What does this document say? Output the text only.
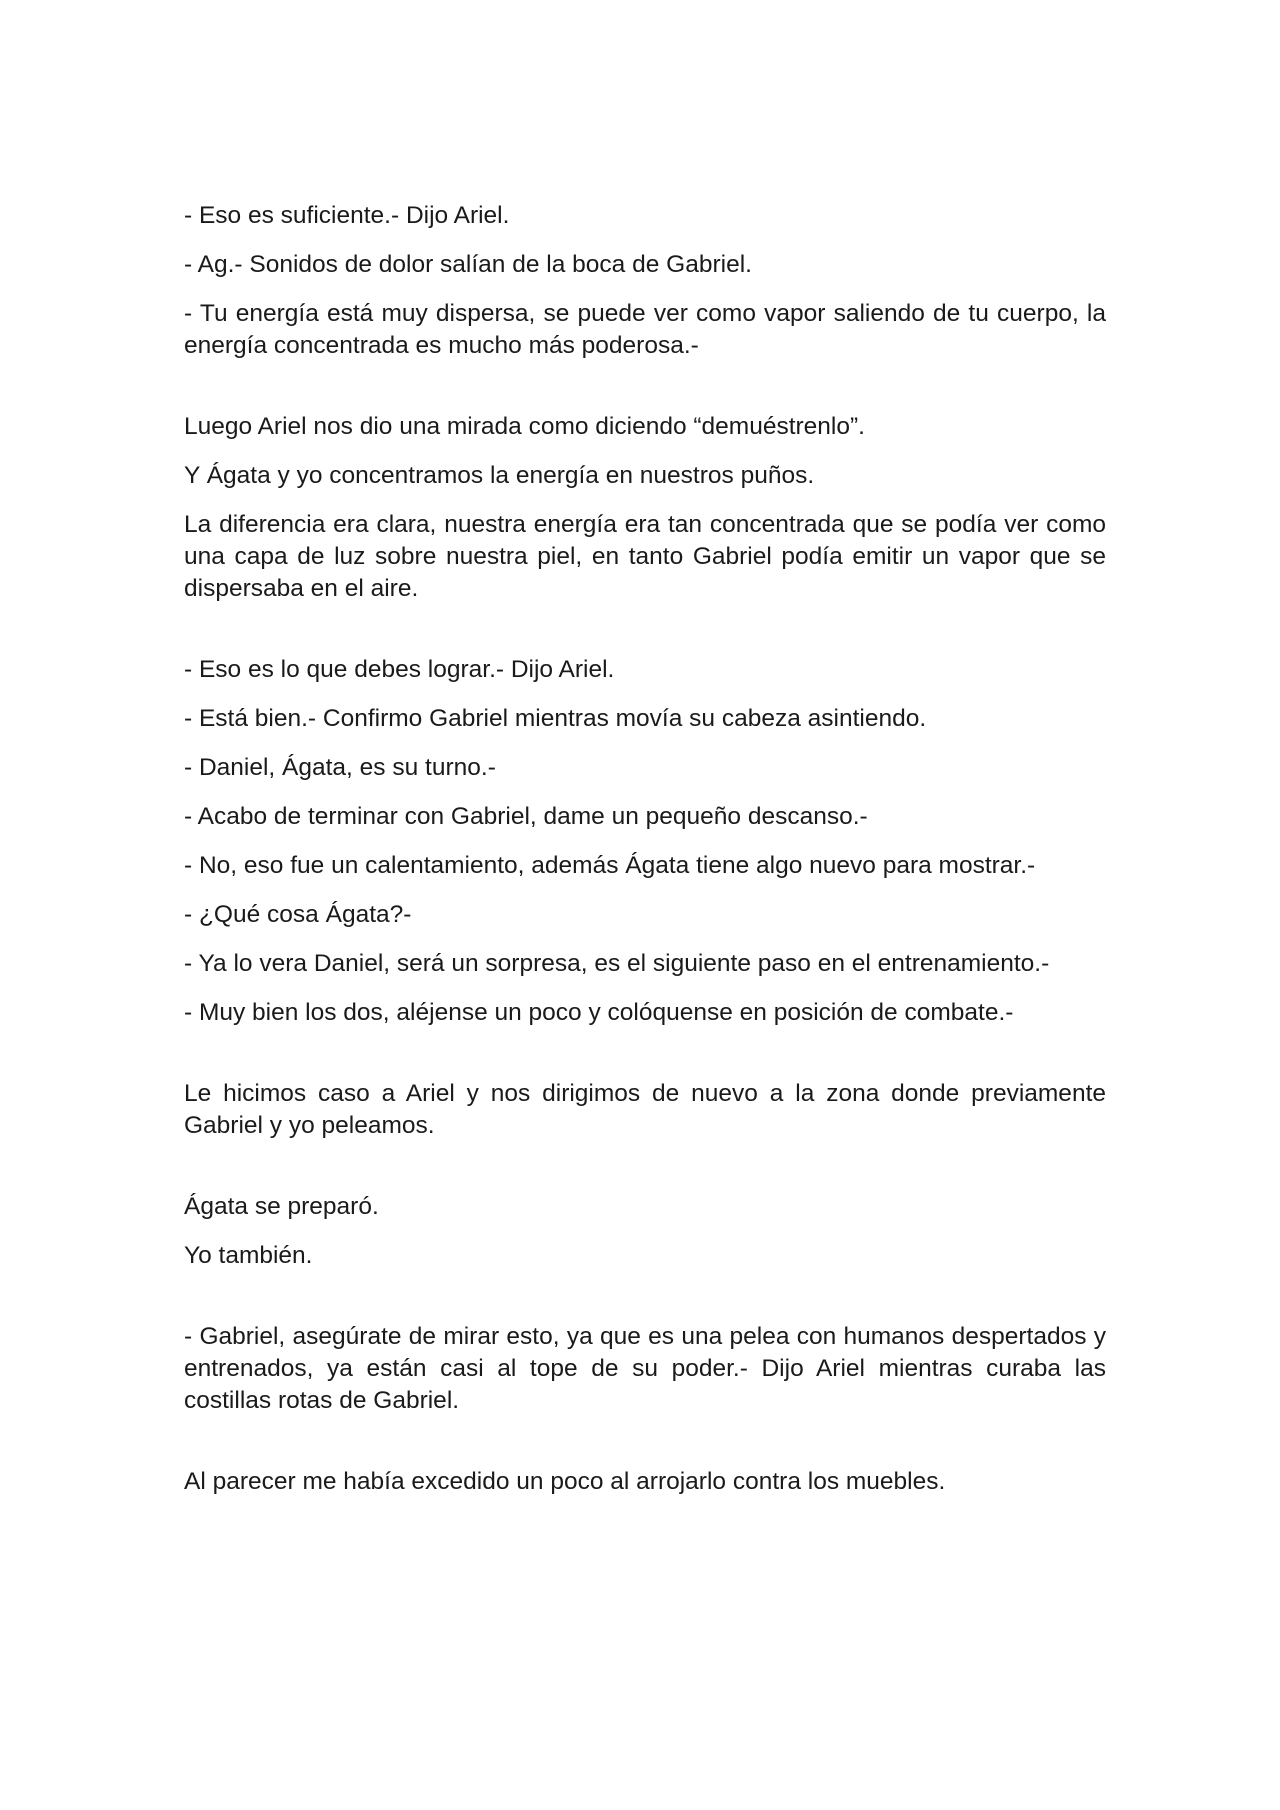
- Eso es suficiente.- Dijo Ariel.

- Ag.- Sonidos de dolor salían de la boca de Gabriel.

- Tu energía está muy dispersa, se puede ver como vapor saliendo de tu cuerpo, la energía concentrada es mucho más poderosa.-

Luego Ariel nos dio una mirada como diciendo “demuéstrenlo”.

Y Ágata y yo concentramos la energía en nuestros puños.

La diferencia era clara, nuestra energía era tan concentrada que se podía ver como una capa de luz sobre nuestra piel, en tanto Gabriel podía emitir un vapor que se dispersaba en el aire.

- Eso es lo que debes lograr.- Dijo Ariel.

- Está bien.- Confirmo Gabriel mientras movía su cabeza asintiendo.

- Daniel, Ágata, es su turno.-

- Acabo de terminar con Gabriel, dame un pequeño descanso.-

- No, eso fue un calentamiento, además Ágata tiene algo nuevo para mostrar.-

- ¿Qué cosa Ágata?-

- Ya lo vera Daniel, será un sorpresa, es el siguiente paso en el entrenamiento.-

- Muy bien los dos, aléjense un poco y colóquense en posición de combate.-

Le hicimos caso a Ariel y nos dirigimos de nuevo a la zona donde previamente Gabriel y yo peleamos.

Ágata se preparó.

Yo también.

- Gabriel, asegúrate de mirar esto, ya que es una pelea con humanos despertados y entrenados, ya están casi al tope de su poder.- Dijo Ariel mientras curaba las costillas rotas de Gabriel.

Al parecer me había excedido un poco al arrojarlo contra los muebles.
